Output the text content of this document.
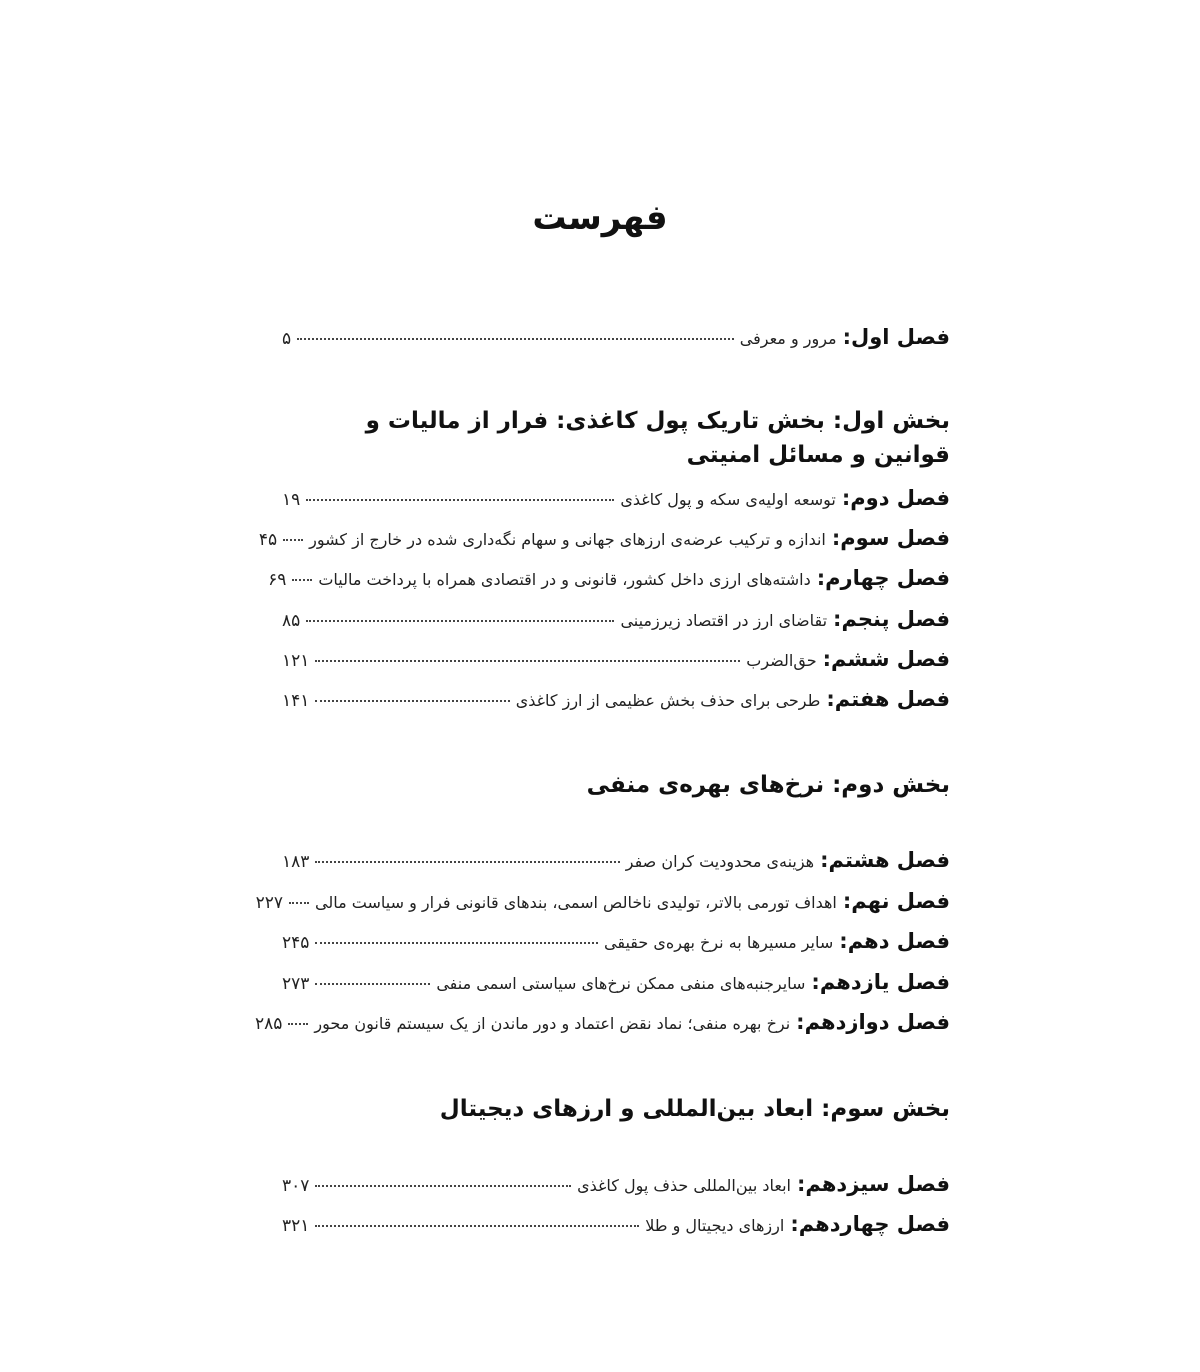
فهرست
فصل اول
:
مرور و معرفی
۵
بخش اول: بخش تاریک پول کاغذی: فرار از مالیات و قوانین و مسائل امنیتی
فصل دوم
:
توسعه اولیه‌ی سکه و پول کاغذی
۱۹
فصل سوم
:
اندازه و ترکیب عرضه‌ی ارزهای جهانی و سهام نگه‌داری شده در خارج از کشور
۴۵
فصل چهارم
:
داشته‌های ارزی داخل کشور، قانونی و در اقتصادی همراه با پرداخت مالیات
۶۹
فصل پنجم
:
تقاضای ارز در اقتصاد زیرزمینی
۸۵
فصل ششم
:
حق‌الضرب
۱۲۱
فصل هفتم
:
طرحی برای حذف بخش عظیمی از ارز کاغذی
۱۴۱
بخش دوم: نرخ‌های بهره‌ی منفی
فصل هشتم
:
هزینه‌ی محدودیت کران صفر
۱۸۳
فصل نهم
:
اهداف تورمی بالاتر، تولیدی ناخالص اسمی، بندهای قانونی فرار و سیاست مالی
۲۲۷
فصل دهم
:
سایر مسیرها به نرخ بهره‌ی حقیقی
۲۴۵
فصل یازدهم
:
سایرجنبه‌های منفی ممکن نرخ‌های سیاستی اسمی منفی
۲۷۳
فصل دوازدهم
:
نرخ بهره منفی؛ نماد نقض اعتماد و دور ماندن از یک سیستم قانون محور
۲۸۵
بخش سوم: ابعاد بین‌المللی و ارزهای دیجیتال
فصل سیزدهم
:
ابعاد بین‌المللی حذف پول کاغذی
۳۰۷
فصل چهاردهم
:
ارزهای دیجیتال و طلا
۳۲۱
